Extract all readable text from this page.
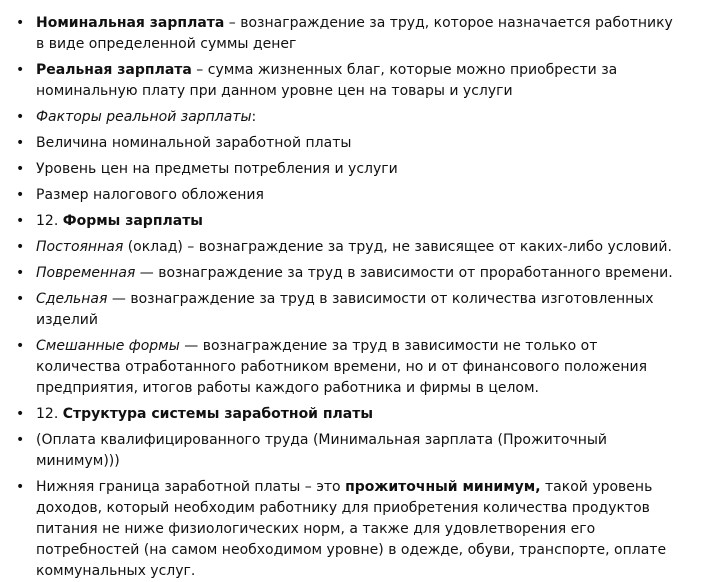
• Номинальная зарплата – вознаграждение за труд, которое назначается работнику в виде определенной суммы денег
• Реальная зарплата – сумма жизненных благ, которые можно приобрести за номинальную плату при данном уровне цен на товары и услуги
• Факторы реальной зарплаты:
• Величина номинальной заработной платы
• Уровень цен на предметы потребления и услуги
• Размер налогового обложения
• 12. Формы зарплаты
• Постоянная (оклад) – вознаграждение за труд, не зависящее от каких-либо условий.
• Повременная — вознаграждение за труд в зависимости от проработанного времени.
• Сдельная — вознаграждение за труд в зависимости от количества изготовленных изделий
• Смешанные формы — вознаграждение за труд в зависимости не только от количества отработанного работником времени, но и от финансового положения предприятия, итогов работы каждого работника и фирмы в целом.
• 12. Структура системы заработной платы
• (Оплата квалифицированного труда (Минимальная зарплата (Прожиточный минимум)))
• Нижняя граница заработной платы – это прожиточный минимум, такой уровень доходов, который необходим работнику для приобретения количества продуктов питания не ниже физиологических норм, а также для удовлетворения его потребностей (на самом необходимом уровне) в одежде, обуви, транспорте, оплате коммунальных услуг.
